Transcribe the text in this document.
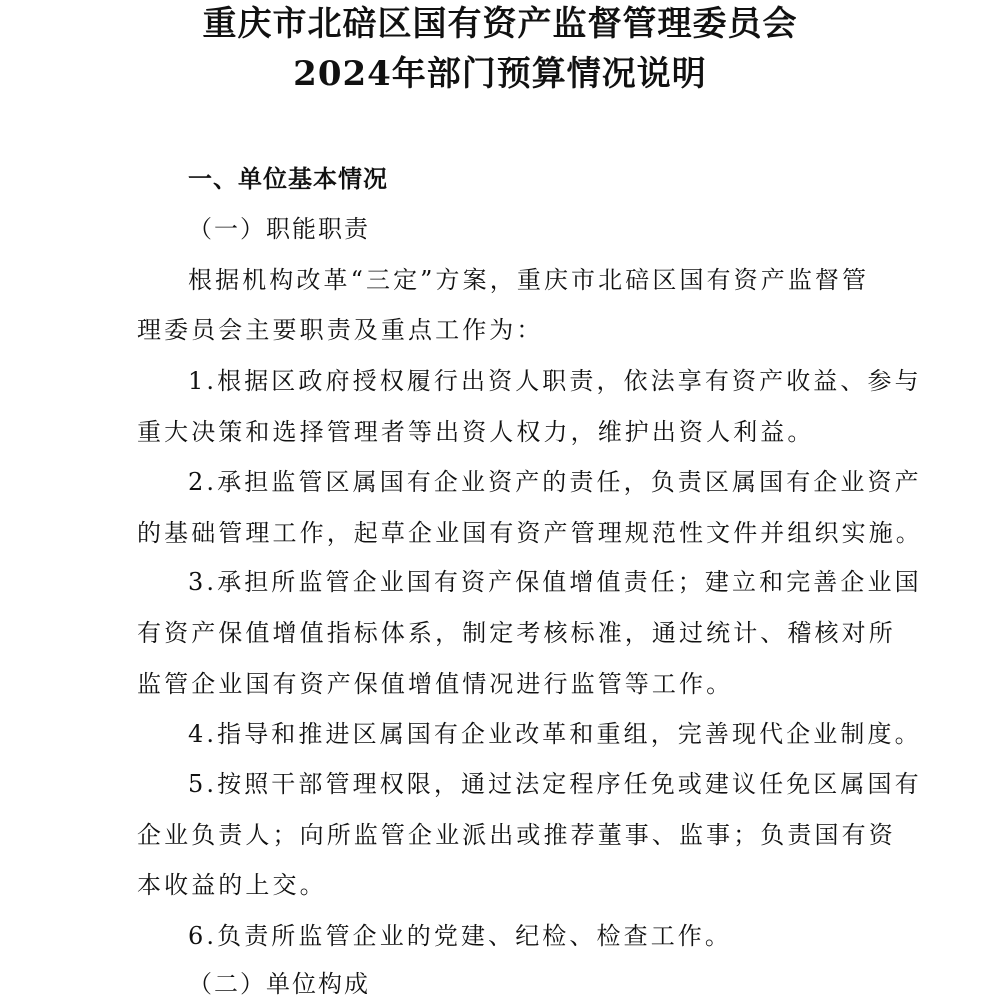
重庆市北碚区国有资产监督管理委员会
2024年部门预算情况说明
一、单位基本情况
（一）职能职责
根据机构改革“三定”方案，重庆市北碚区国有资产监督管
理委员会主要职责及重点工作为：
1.根据区政府授权履行出资人职责，依法享有资产收益、参与
重大决策和选择管理者等出资人权力，维护出资人利益。
2.承担监管区属国有企业资产的责任，负责区属国有企业资产
的基础管理工作，起草企业国有资产管理规范性文件并组织实施。
3.承担所监管企业国有资产保值增值责任；建立和完善企业国
有资产保值增值指标体系，制定考核标准，通过统计、稽核对所
监管企业国有资产保值增值情况进行监管等工作。
4.指导和推进区属国有企业改革和重组，完善现代企业制度。
5.按照干部管理权限，通过法定程序任免或建议任免区属国有
企业负责人；向所监管企业派出或推荐董事、监事；负责国有资
本收益的上交。
6.负责所监管企业的党建、纪检、检查工作。
（二）单位构成
